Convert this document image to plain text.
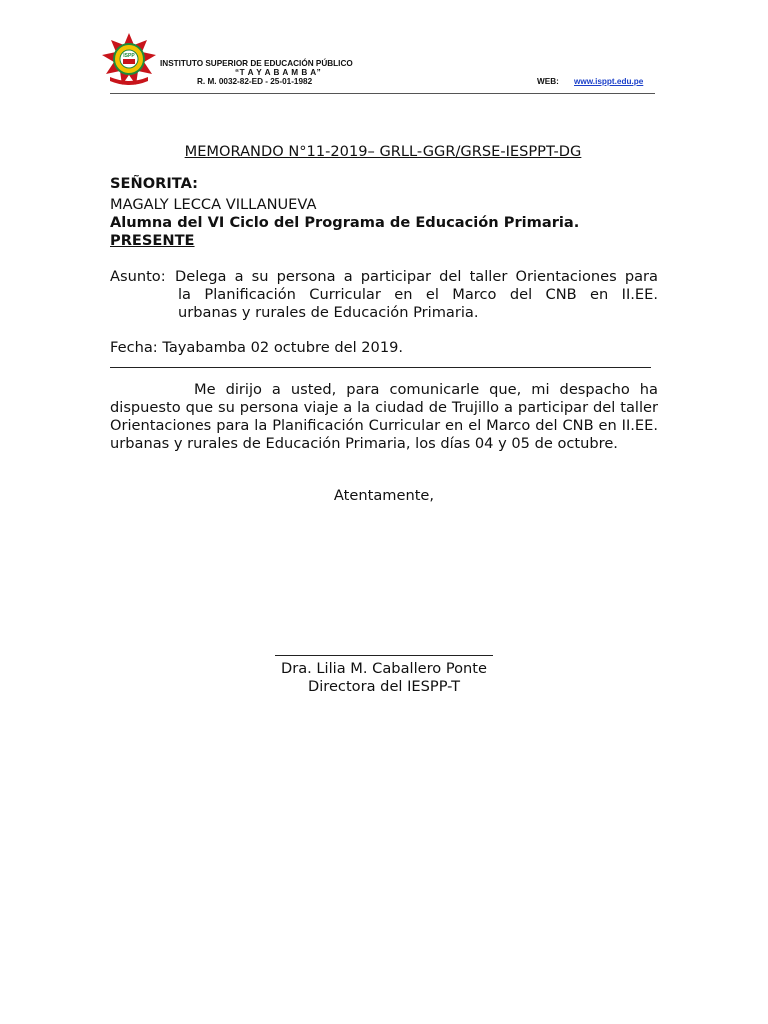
ISPP
INSTITUTO SUPERIOR DE EDUCACIÓN PÚBLICO
“T A Y A B A M B A”
R. M. 0032-82-ED - 25-01-1982	WEB: www.isppt.edu.pe
MEMORANDO N°11-2019– GRLL-GGR/GRSE-IESPPT-DG
SEÑORITA:
MAGALY LECCA VILLANUEVA
Alumna del VI Ciclo del Programa de Educación Primaria.
PRESENTE
Asunto: Delega a su persona a participar del taller Orientaciones para
la Planificación Curricular en el Marco del CNB en II.EE.
urbanas y rurales de Educación Primaria.
Fecha: Tayabamba 02 octubre del 2019.
Me dirijo a usted, para comunicarle que, mi despacho ha dispuesto que su persona viaje a la ciudad de Trujillo a participar del taller Orientaciones para la Planificación Curricular en el Marco del CNB en II.EE. urbanas y rurales de Educación Primaria, los días 04 y 05 de octubre.
Atentamente,
Dra. Lilia M. Caballero Ponte
Directora del IESPP-T
